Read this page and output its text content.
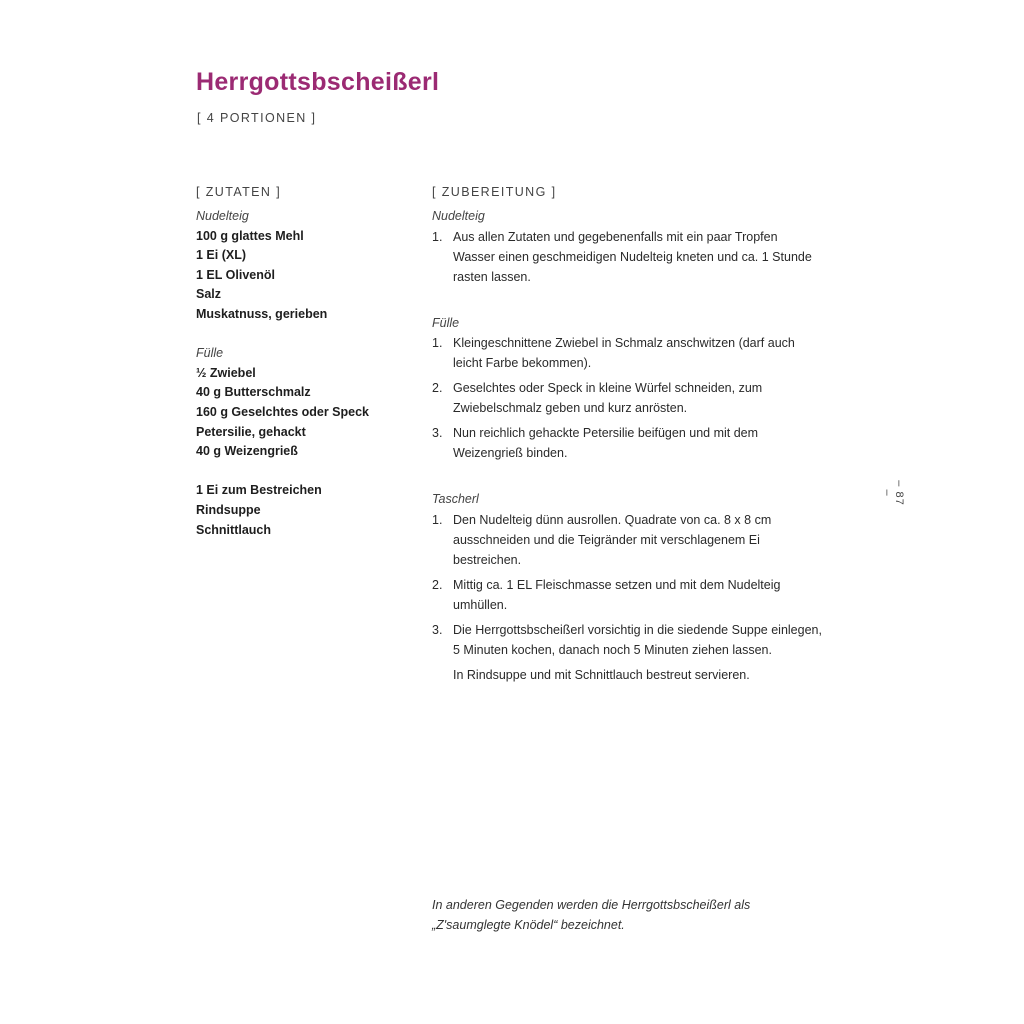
Herrgottsbscheißerl
[ 4 PORTIONEN ]
[ ZUTATEN ]
Nudelteig
100 g glattes Mehl
1 Ei (XL)
1 EL Olivenöl
Salz
Muskatnuss, gerieben
Fülle
½ Zwiebel
40 g Butterschmalz
160 g Geselchtes oder Speck
Petersilie, gehackt
40 g Weizengrieß
1 Ei zum Bestreichen
Rindsuppe
Schnittlauch
[ ZUBEREITUNG ]
Nudelteig
1. Aus allen Zutaten und gegebenenfalls mit ein paar Tropfen Wasser einen geschmeidigen Nudelteig kneten und ca. 1 Stunde rasten lassen.
Fülle
1. Kleingeschnittene Zwiebel in Schmalz anschwitzen (darf auch leicht Farbe bekommen).
2. Geselchtes oder Speck in kleine Würfel schneiden, zum Zwiebelschmalz geben und kurz anrösten.
3. Nun reichlich gehackte Petersilie beifügen und mit dem Weizengrieß binden.
Tascherl
1. Den Nudelteig dünn ausrollen. Quadrate von ca. 8 x 8 cm ausschneiden und die Teigränder mit verschlagenem Ei bestreichen.
2. Mittig ca. 1 EL Fleischmasse setzen und mit dem Nudelteig umhüllen.
3. Die Herrgottsbscheißerl vorsichtig in die siedende Suppe einlegen, 5 Minuten kochen, danach noch 5 Minuten ziehen lassen.
In Rindsuppe und mit Schnittlauch bestreut servieren.
– 87 –
In anderen Gegenden werden die Herrgottsbscheißerl als
„Z'saumglegte Knödel“ bezeichnet.
